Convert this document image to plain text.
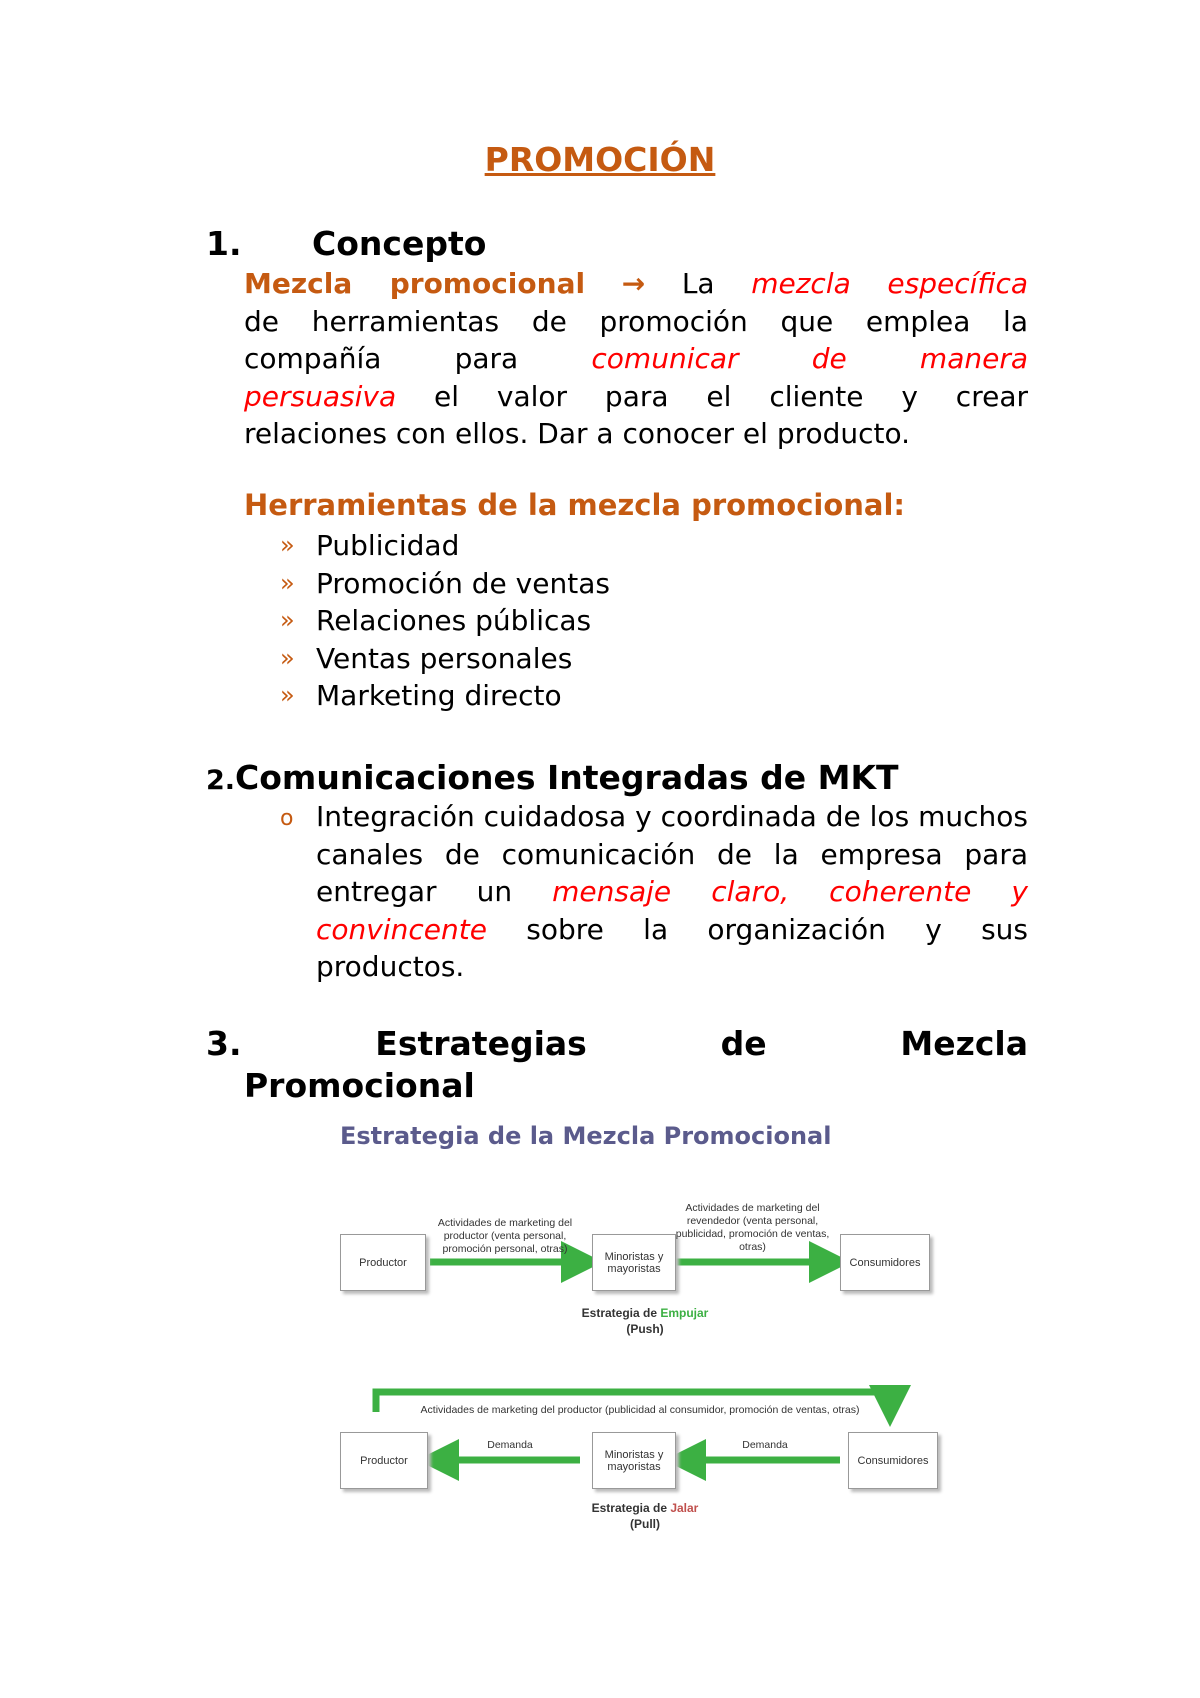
PROMOCIÓN
1. Concepto
Mezcla promocional → La mezcla específica
de herramientas de promoción que emplea la
compañía para comunicar de manera
persuasiva el valor para el cliente y crear
relaciones con ellos. Dar a conocer el producto.
Herramientas de la mezcla promocional:
» Publicidad
» Promoción de ventas
» Relaciones públicas
» Ventas personales
» Marketing directo
2.Comunicaciones Integradas de MKT
o Integración cuidadosa y coordinada de los muchos canales de comunicación de la empresa para entregar un mensaje claro, coherente y convincente sobre la organización y sus productos.
3.	Estrategias	de	Mezcla
Promocional
Estrategia de la Mezcla Promocional
Productor	Minoristas y mayoristas	Consumidores
Actividades de marketing del productor (venta personal, promoción personal, otras)
Actividades de marketing del revendedor (venta personal, publicidad, promoción de ventas, otras)
Estrategia de Empujar
(Push)
Actividades de marketing del productor (publicidad al consumidor, promoción de ventas, otras)
Productor	Minoristas y mayoristas	Consumidores
Demanda	Demanda
Estrategia de Jalar
(Pull)
